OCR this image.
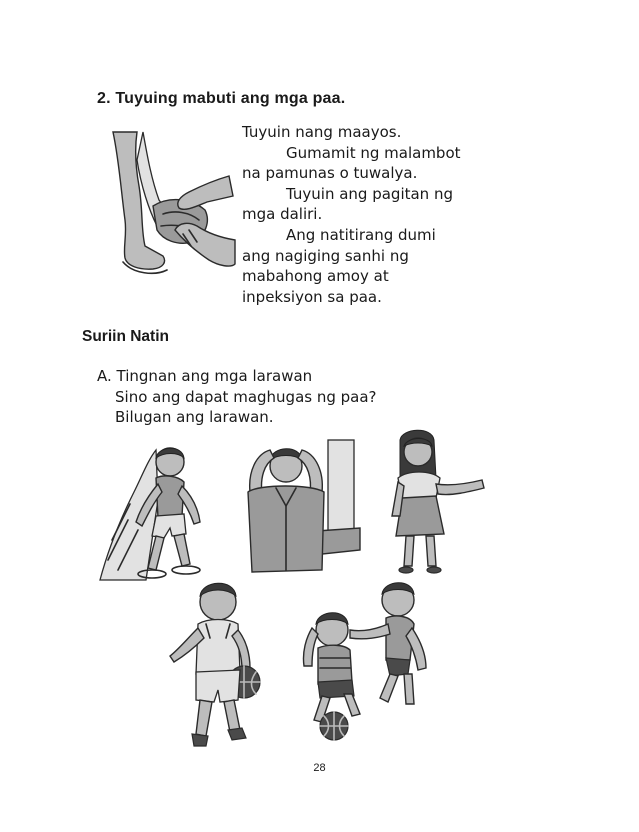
2. Tuyuing mabuti ang mga paa.
Tuyuin nang maayos.
Gumamit ng malambot
na pamunas o tuwalya.
Tuyuin ang pagitan ng
mga daliri.
Ang natitirang dumi
ang nagiging sanhi ng
mabahong amoy at
inpeksiyon sa paa.
Suriin Natin
A. Tingnan ang mga larawan
Sino ang dapat maghugas ng paa?
Bilugan ang larawan.
28
